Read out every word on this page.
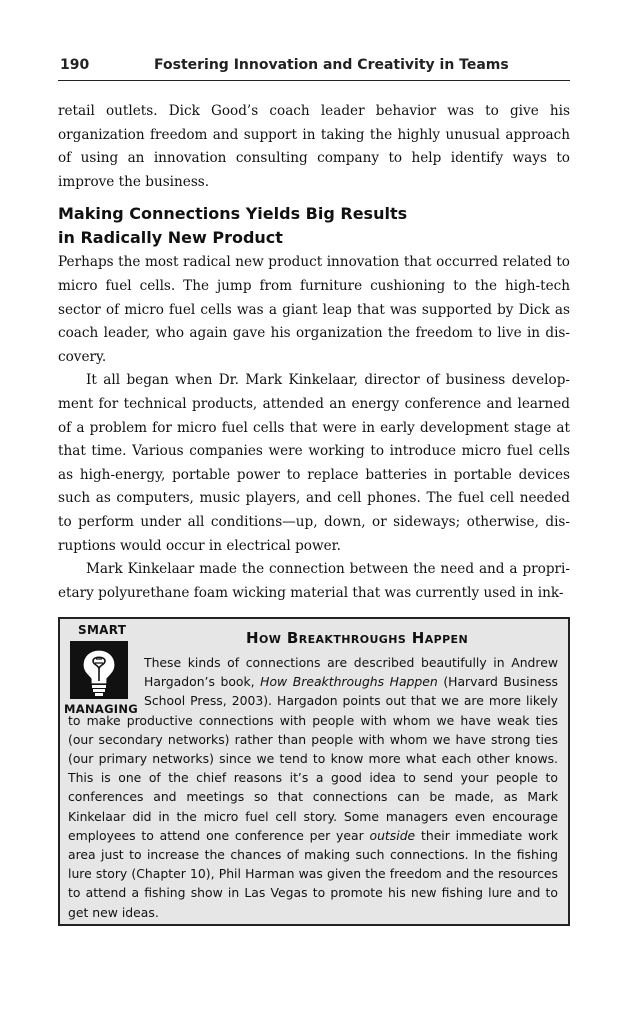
190	Fostering Innovation and Creativity in Teams

retail outlets. Dick Good’s coach leader behavior was to give his organization freedom and support in taking the highly unusual approach of using an innovation consulting company to help identify ways to improve the business.

Making Connections Yields Big Results in Radically New Product

Perhaps the most radical new product innovation that occurred related to micro fuel cells. The jump from furniture cushioning to the high-tech sector of micro fuel cells was a giant leap that was supported by Dick as coach leader, who again gave his organization the freedom to live in discovery.

It all began when Dr. Mark Kinkelaar, director of business development for technical products, attended an energy conference and learned of a problem for micro fuel cells that were in early development stage at that time. Various companies were working to introduce micro fuel cells as high-energy, portable power to replace batteries in portable devices such as computers, music players, and cell phones. The fuel cell needed to perform under all conditions—up, down, or sideways; otherwise, disruptions would occur in electrical power.

Mark Kinkelaar made the connection between the need and a proprietary polyurethane foam wicking material that was currently used in ink-

SMART
MANAGING
How Breakthroughs Happen
These kinds of connections are described beautifully in Andrew Hargadon’s book, How Breakthroughs Happen (Harvard Business School Press, 2003). Hargadon points out that we are more likely to make productive connections with people with whom we have weak ties (our secondary networks) rather than people with whom we have strong ties (our primary networks) since we tend to know more what each other knows. This is one of the chief reasons it’s a good idea to send your people to conferences and meetings so that connections can be made, as Mark Kinkelaar did in the micro fuel cell story. Some managers even encourage employees to attend one conference per year outside their immediate work area just to increase the chances of making such connections. In the fishing lure story (Chapter 10), Phil Harman was given the freedom and the resources to attend a fishing show in Las Vegas to promote his new fishing lure and to get new ideas.
